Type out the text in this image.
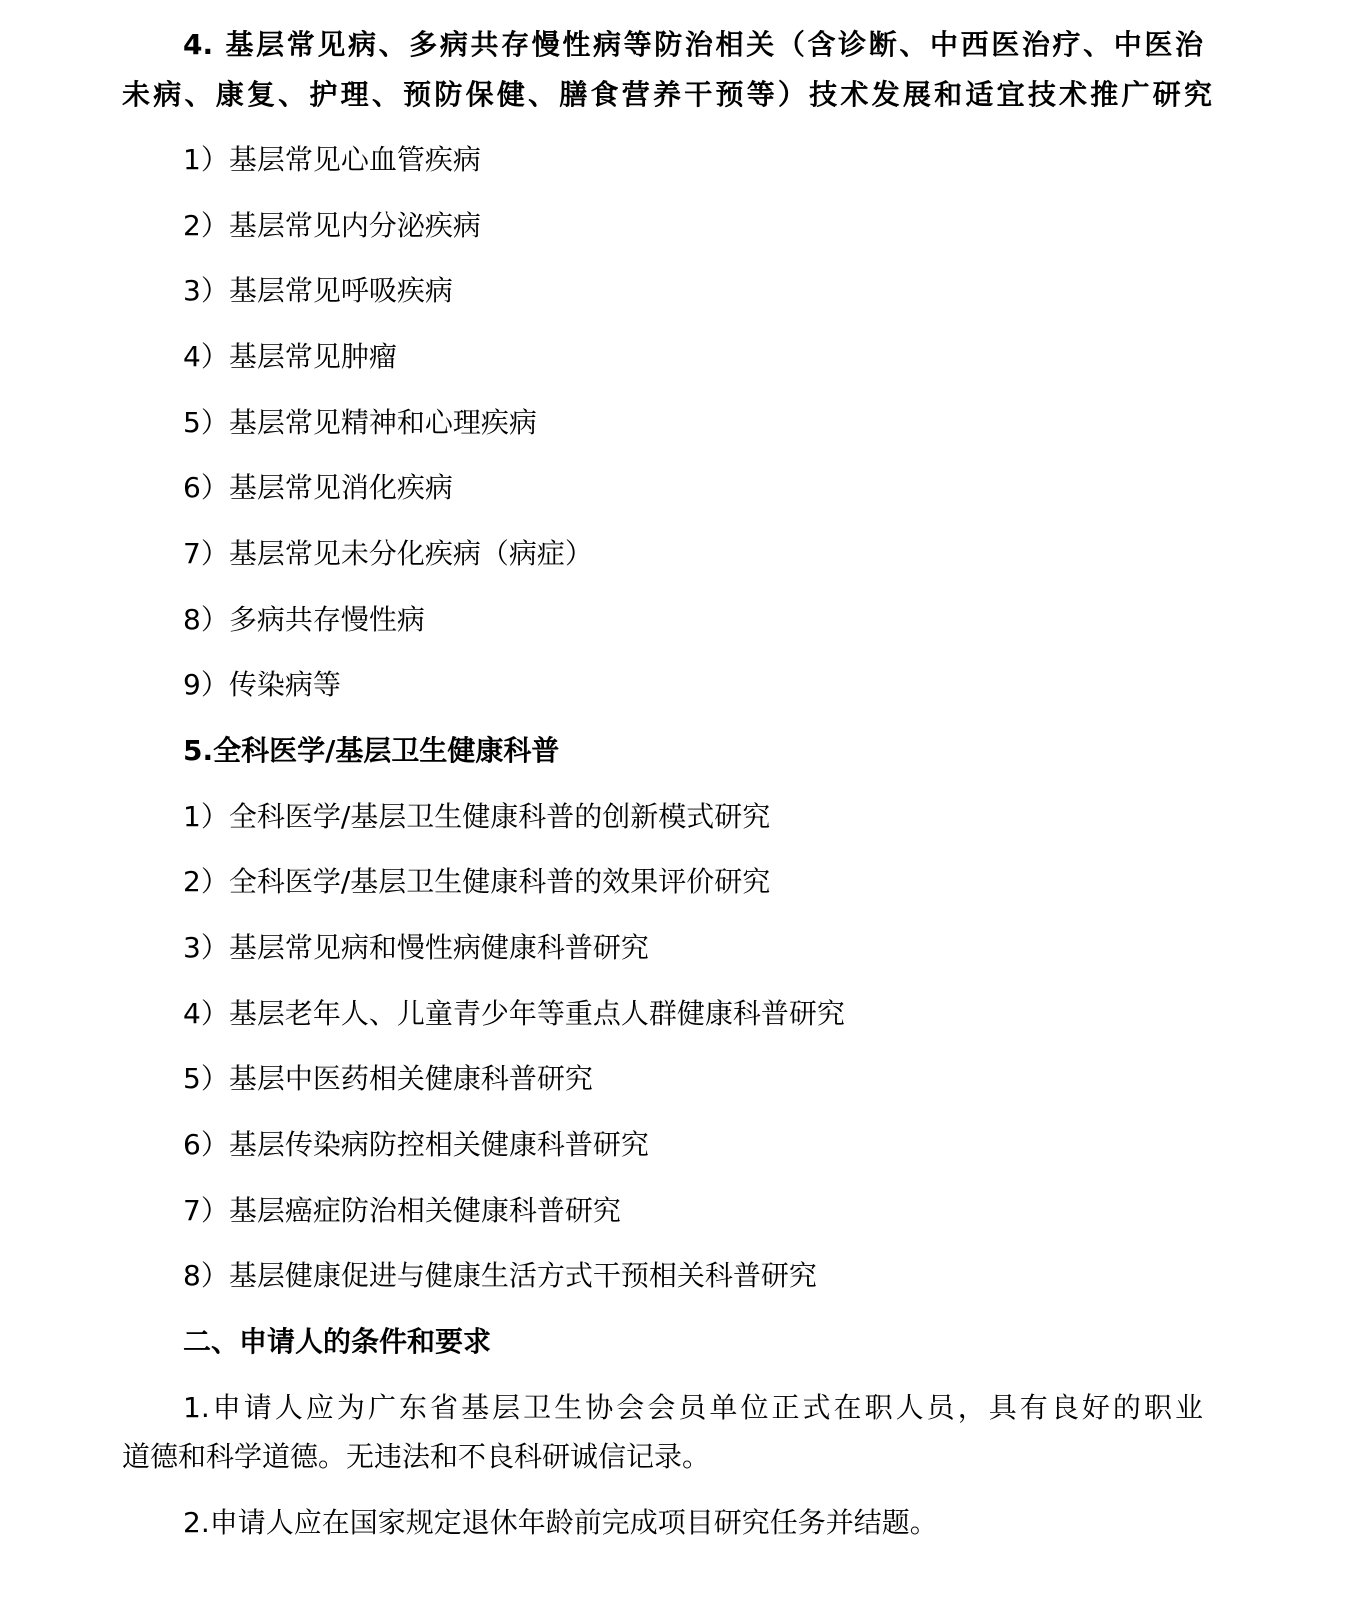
4. 基层常见病、多病共存慢性病等防治相关（含诊断、中西医治疗、中医治
未病、康复、护理、预防保健、膳食营养干预等）技术发展和适宜技术推广研究
1）基层常见心血管疾病
2）基层常见内分泌疾病
3）基层常见呼吸疾病
4）基层常见肿瘤
5）基层常见精神和心理疾病
6）基层常见消化疾病
7）基层常见未分化疾病（病症）
8）多病共存慢性病
9）传染病等
5.全科医学/基层卫生健康科普
1）全科医学/基层卫生健康科普的创新模式研究
2）全科医学/基层卫生健康科普的效果评价研究
3）基层常见病和慢性病健康科普研究
4）基层老年人、儿童青少年等重点人群健康科普研究
5）基层中医药相关健康科普研究
6）基层传染病防控相关健康科普研究
7）基层癌症防治相关健康科普研究
8）基层健康促进与健康生活方式干预相关科普研究
二、申请人的条件和要求
1.申请人应为广东省基层卫生协会会员单位正式在职人员，具有良好的职业
道德和科学道德。无违法和不良科研诚信记录。
2.申请人应在国家规定退休年龄前完成项目研究任务并结题。
